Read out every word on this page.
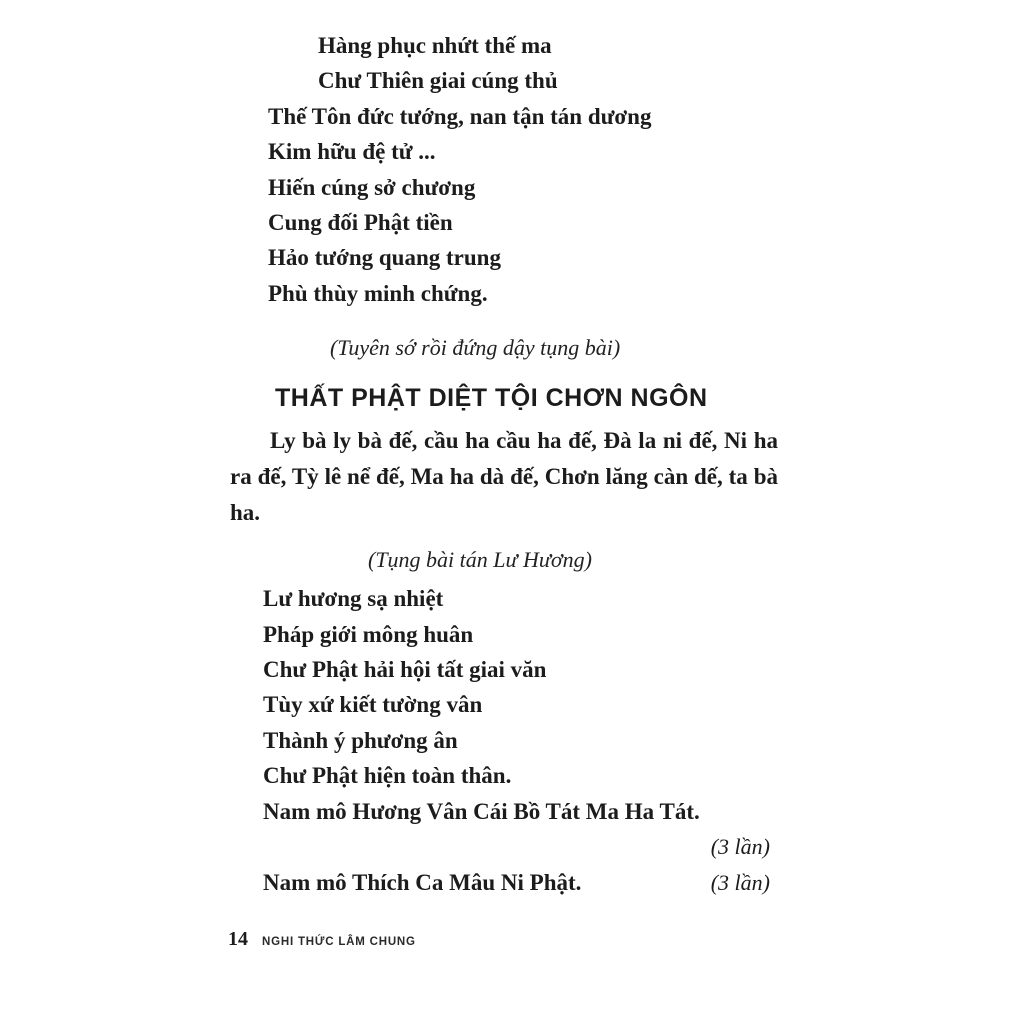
Hàng phục nhứt thế ma
Chư Thiên giai cúng thủ
Thế Tôn đức tướng, nan tận tán dương
Kim hữu đệ tử ...
Hiến cúng sở chương
Cung đối Phật tiền
Hảo tướng quang trung
Phù thùy minh chứng.
(Tuyên sớ rồi đứng dậy tụng bài)
THẤT PHẬT DIỆT TỘI CHƠN NGÔN
Ly bà ly bà đế, cầu ha cầu ha đế, Đà la ni đế, Ni ha ra đế, Tỳ lê nể đế, Ma ha dà đế, Chơn lăng càn dế, ta bà ha.
(Tụng bài tán Lư Hương)
Lư hương sạ nhiệt
Pháp giới mông huân
Chư Phật hải hội tất giai văn
Tùy xứ kiết tường vân
Thành ý phương ân
Chư Phật hiện toàn thân.
Nam mô Hương Vân Cái Bồ Tát Ma Ha Tát.
(3 lần)
Nam mô Thích Ca Mâu Ni Phật.	(3 lần)
14 NGHI THỨC LÂM CHUNG
